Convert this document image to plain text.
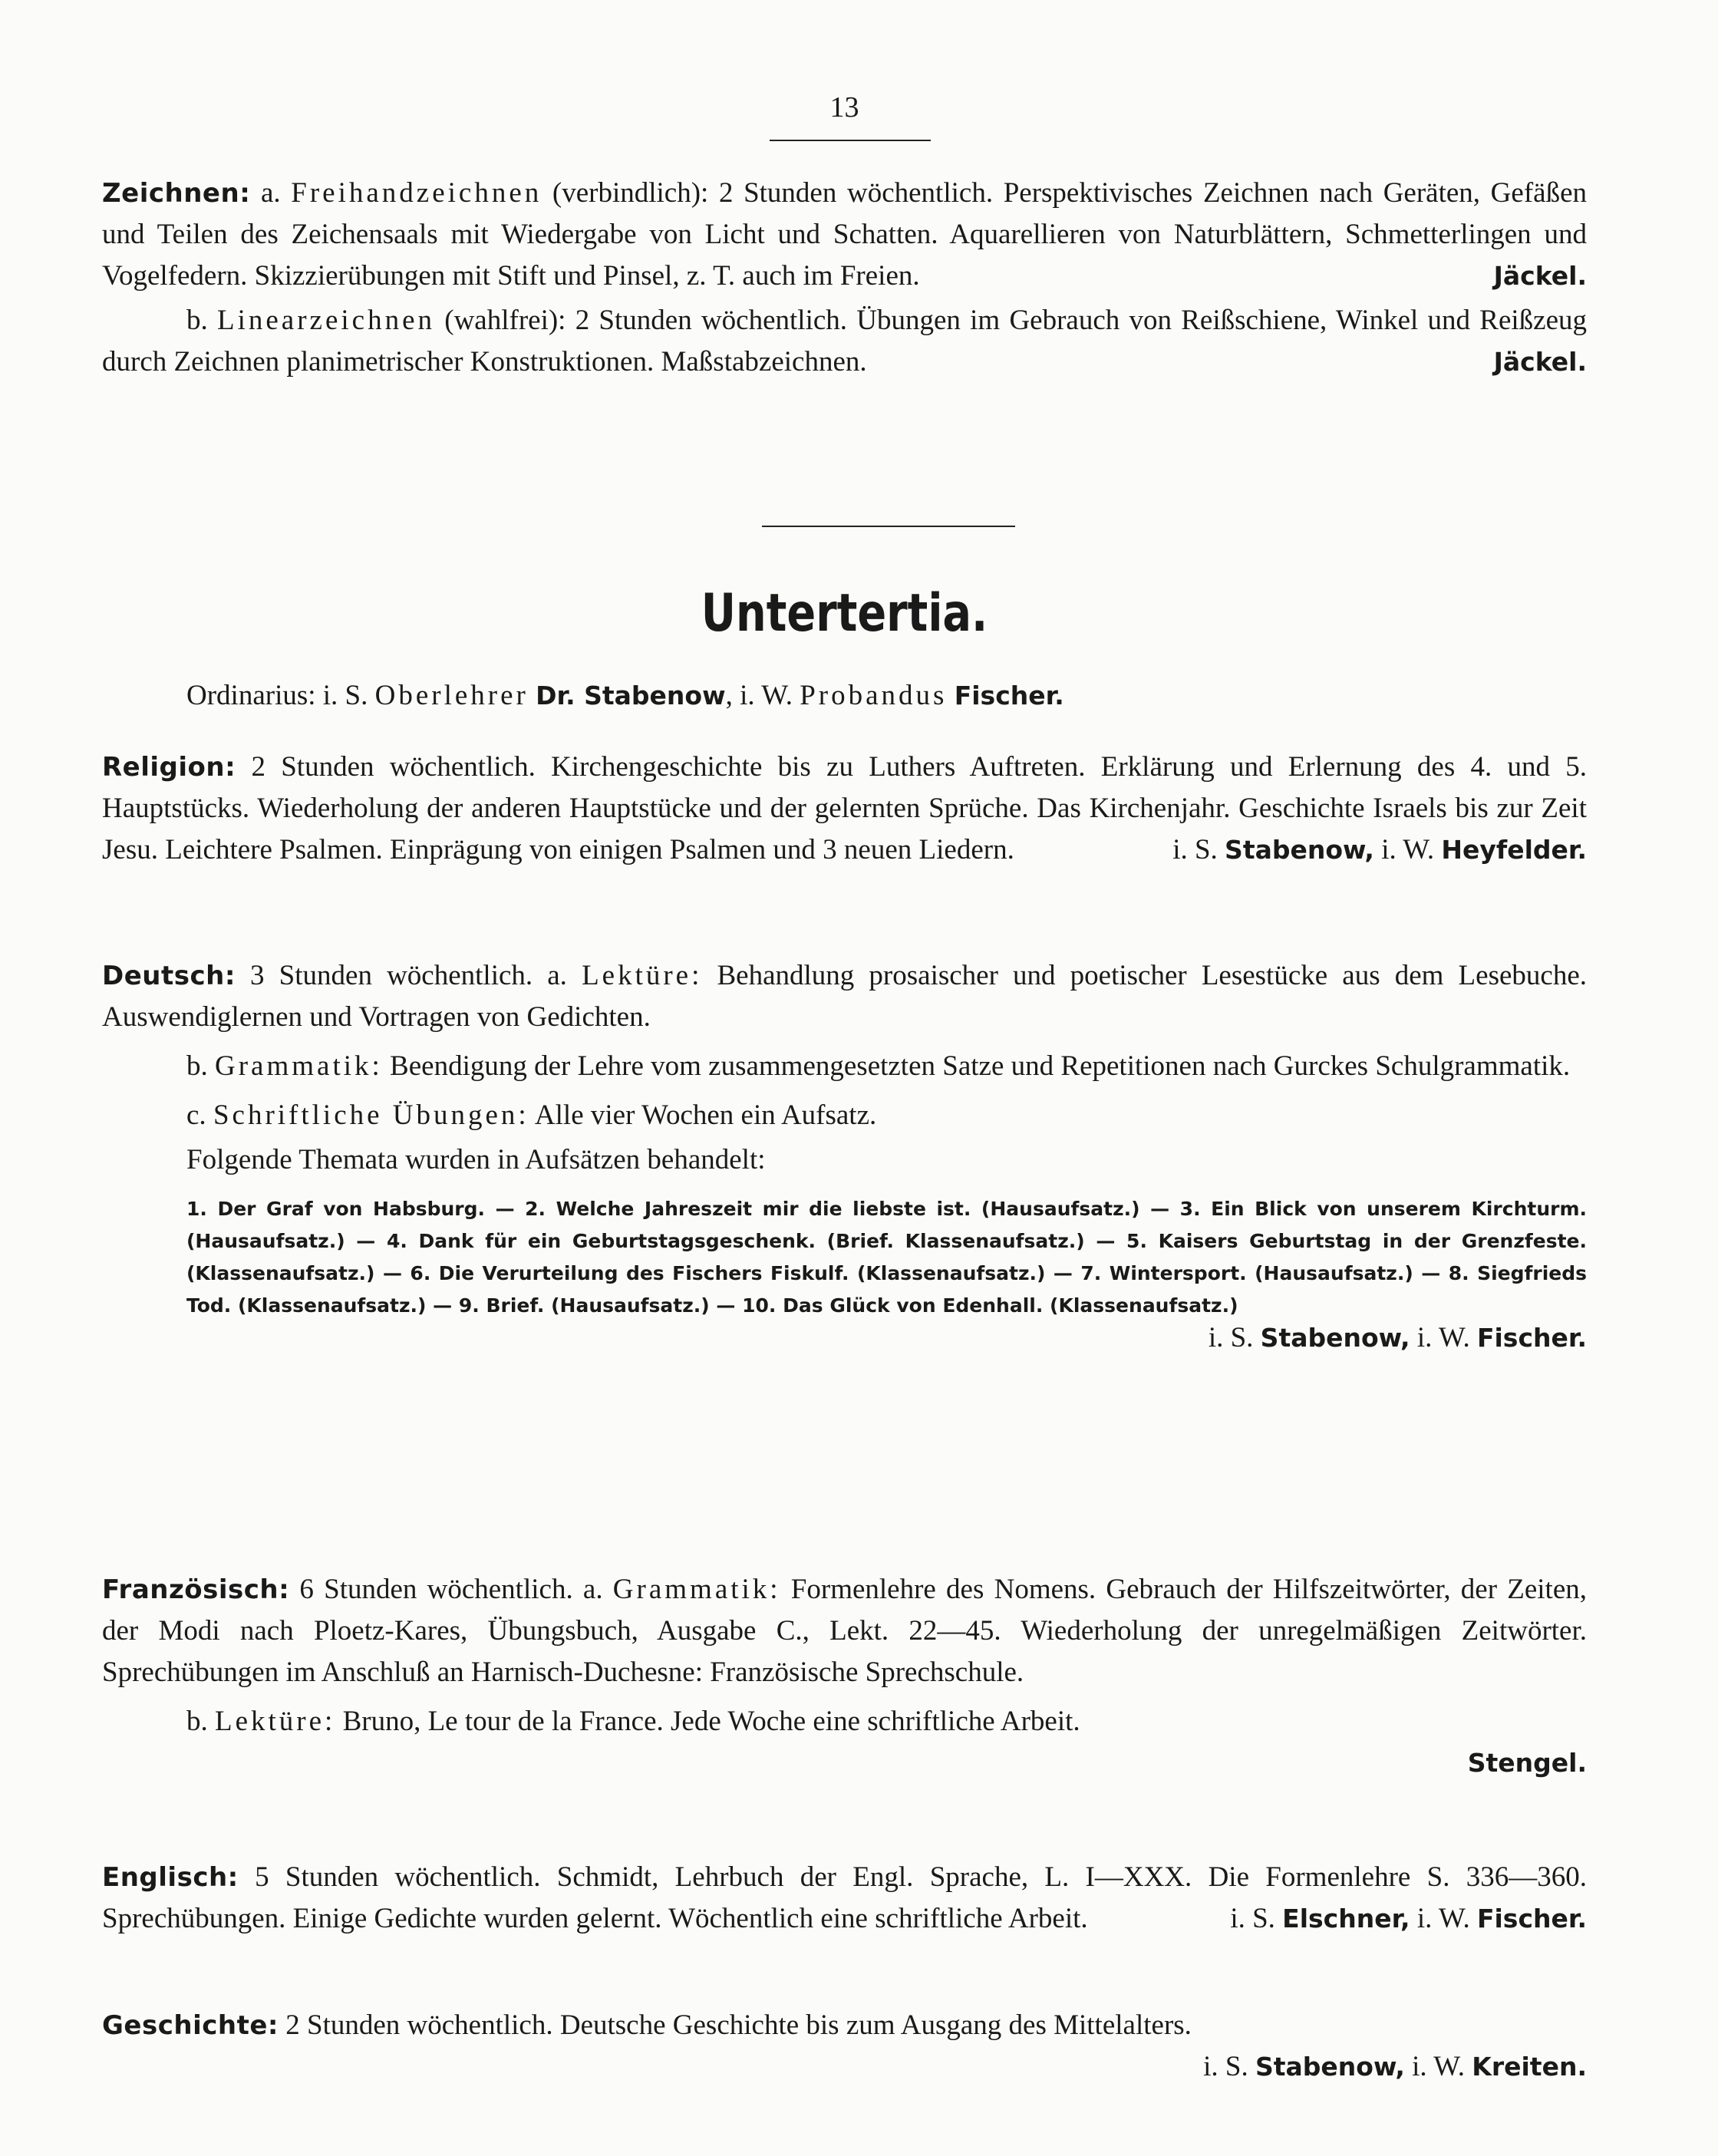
13
Zeichnen: a. Freihandzeichnen (verbindlich): 2 Stunden wöchentlich. Perspektivisches Zeichnen nach Geräten, Gefäßen und Teilen des Zeichensaals mit Wiedergabe von Licht und Schatten. Aquarellieren von Naturblättern, Schmetterlingen und Vogelfedern. Skizzierübungen mit Stift und Pinsel, z. T. auch im Freien.	Jäckel.
b. Linearzeichnen (wahlfrei): 2 Stunden wöchentlich. Übungen im Gebrauch von Reißschiene, Winkel und Reißzeug durch Zeichnen planimetrischer Konstruktionen. Maßstabzeichnen.	Jäckel.
Untertertia.
Ordinarius: i. S. Oberlehrer Dr. Stabenow, i. W. Probandus Fischer.
Religion: 2 Stunden wöchentlich. Kirchengeschichte bis zu Luthers Auftreten. Erklärung und Erlernung des 4. und 5. Hauptstücks. Wiederholung der anderen Hauptstücke und der gelernten Sprüche. Das Kirchenjahr. Geschichte Israels bis zur Zeit Jesu. Leichtere Psalmen. Einprägung von einigen Psalmen und 3 neuen Liedern.	i. S. Stabenow, i. W. Heyfelder.
Deutsch: 3 Stunden wöchentlich. a. Lektüre: Behandlung prosaischer und poetischer Lesestücke aus dem Lesebuche. Auswendiglernen und Vortragen von Gedichten.
b. Grammatik: Beendigung der Lehre vom zusammengesetzten Satze und Repetitionen nach Gurckes Schulgrammatik.
c. Schriftliche Übungen: Alle vier Wochen ein Aufsatz.
Folgende Themata wurden in Aufsätzen behandelt:
1. Der Graf von Habsburg. — 2. Welche Jahreszeit mir die liebste ist. (Hausaufsatz.) — 3. Ein Blick von unserem Kirchturm. (Hausaufsatz.) — 4. Dank für ein Geburtstagsgeschenk. (Brief. Klassenaufsatz.) — 5. Kaisers Geburtstag in der Grenzfeste. (Klassenaufsatz.) — 6. Die Verurteilung des Fischers Fiskulf. (Klassenaufsatz.) — 7. Wintersport. (Hausaufsatz.) — 8. Siegfrieds Tod. (Klassenaufsatz.) — 9. Brief. (Hausaufsatz.) — 10. Das Glück von Edenhall. (Klassenaufsatz.)
i. S. Stabenow, i. W. Fischer.
Französisch: 6 Stunden wöchentlich. a. Grammatik: Formenlehre des Nomens. Gebrauch der Hilfszeitwörter, der Zeiten, der Modi nach Ploetz-Kares, Übungsbuch, Ausgabe C., Lekt. 22—45. Wiederholung der unregelmäßigen Zeitwörter. Sprechübungen im Anschluß an Harnisch-Duchesne: Französische Sprechschule.
b. Lektüre: Bruno, Le tour de la France. Jede Woche eine schriftliche Arbeit.
Stengel.
Englisch: 5 Stunden wöchentlich. Schmidt, Lehrbuch der Engl. Sprache, L. I—XXX. Die Formenlehre S. 336—360. Sprechübungen. Einige Gedichte wurden gelernt. Wöchentlich eine schriftliche Arbeit.	i. S. Elschner, i. W. Fischer.
Geschichte: 2 Stunden wöchentlich. Deutsche Geschichte bis zum Ausgang des Mittelalters.
i. S. Stabenow, i. W. Kreiten.
